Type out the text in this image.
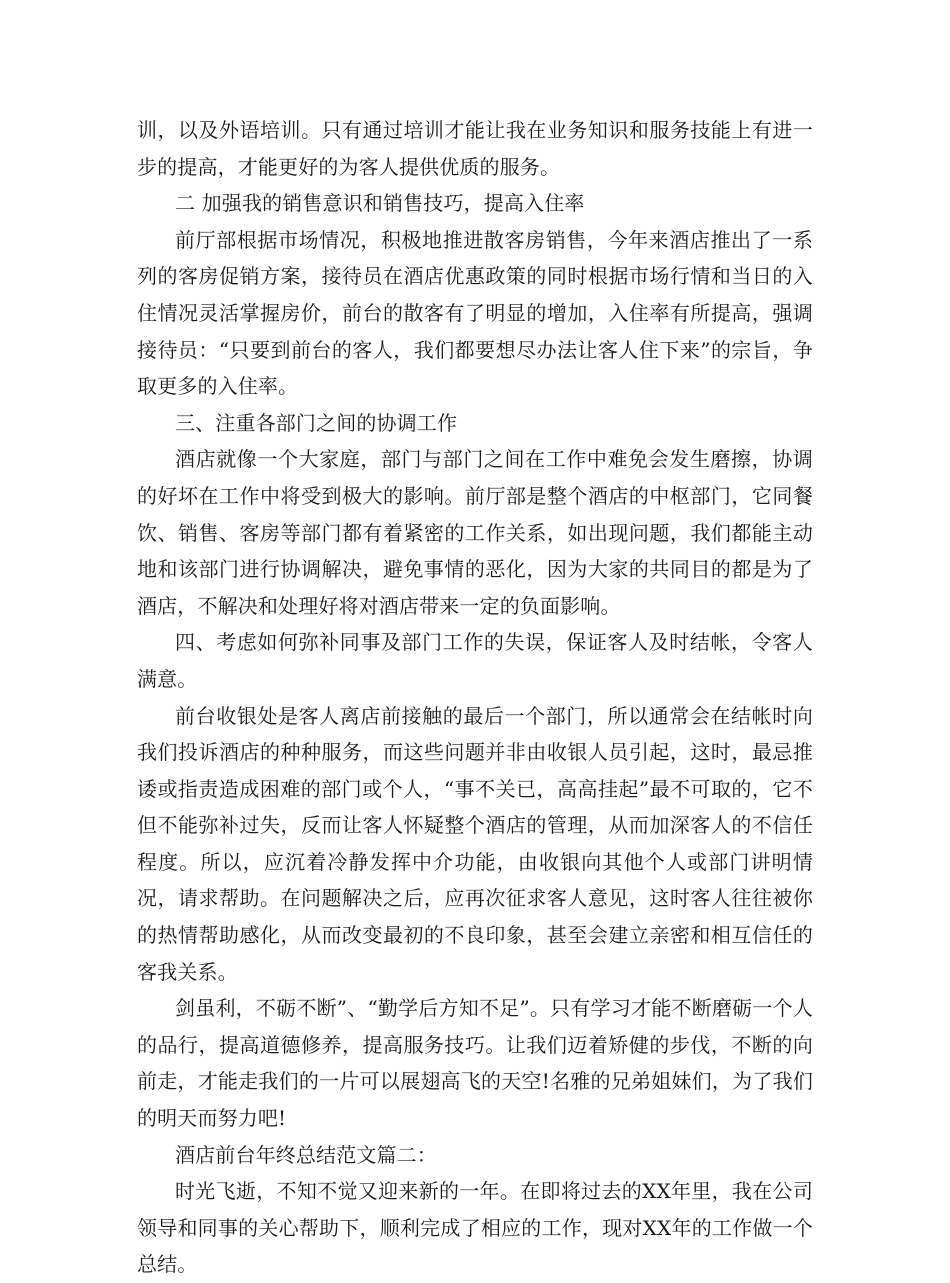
训，以及外语培训。只有通过培训才能让我在业务知识和服务技能上有进一步的提高，才能更好的为客人提供优质的服务。

二 加强我的销售意识和销售技巧，提高入住率

前厅部根据市场情况，积极地推进散客房销售，今年来酒店推出了一系列的客房促销方案，接待员在酒店优惠政策的同时根据市场行情和当日的入住情况灵活掌握房价，前台的散客有了明显的增加，入住率有所提高，强调接待员：“只要到前台的客人，我们都要想尽办法让客人住下来”的宗旨，争取更多的入住率。

三、注重各部门之间的协调工作

酒店就像一个大家庭，部门与部门之间在工作中难免会发生磨擦，协调的好坏在工作中将受到极大的影响。前厅部是整个酒店的中枢部门，它同餐饮、销售、客房等部门都有着紧密的工作关系，如出现问题，我们都能主动地和该部门进行协调解决，避免事情的恶化，因为大家的共同目的都是为了酒店，不解决和处理好将对酒店带来一定的负面影响。

四、考虑如何弥补同事及部门工作的失误，保证客人及时结帐，令客人满意。

前台收银处是客人离店前接触的最后一个部门，所以通常会在结帐时向我们投诉酒店的种种服务，而这些问题并非由收银人员引起，这时，最忌推诿或指责造成困难的部门或个人，“事不关已，高高挂起”最不可取的，它不但不能弥补过失，反而让客人怀疑整个酒店的管理，从而加深客人的不信任程度。所以，应沉着冷静发挥中介功能，由收银向其他个人或部门讲明情况，请求帮助。在问题解决之后，应再次征求客人意见，这时客人往往被你的热情帮助感化，从而改变最初的不良印象，甚至会建立亲密和相互信任的客我关系。

剑虽利，不砺不断”、“勤学后方知不足”。只有学习才能不断磨砺一个人的品行，提高道德修养，提高服务技巧。让我们迈着矫健的步伐，不断的向前走，才能走我们的一片可以展翅高飞的天空!名雅的兄弟姐妹们，为了我们的明天而努力吧!

酒店前台年终总结范文篇二：

时光飞逝，不知不觉又迎来新的一年。在即将过去的XX年里，我在公司领导和同事的关心帮助下，顺利完成了相应的工作，现对XX年的工作做一个总结。
